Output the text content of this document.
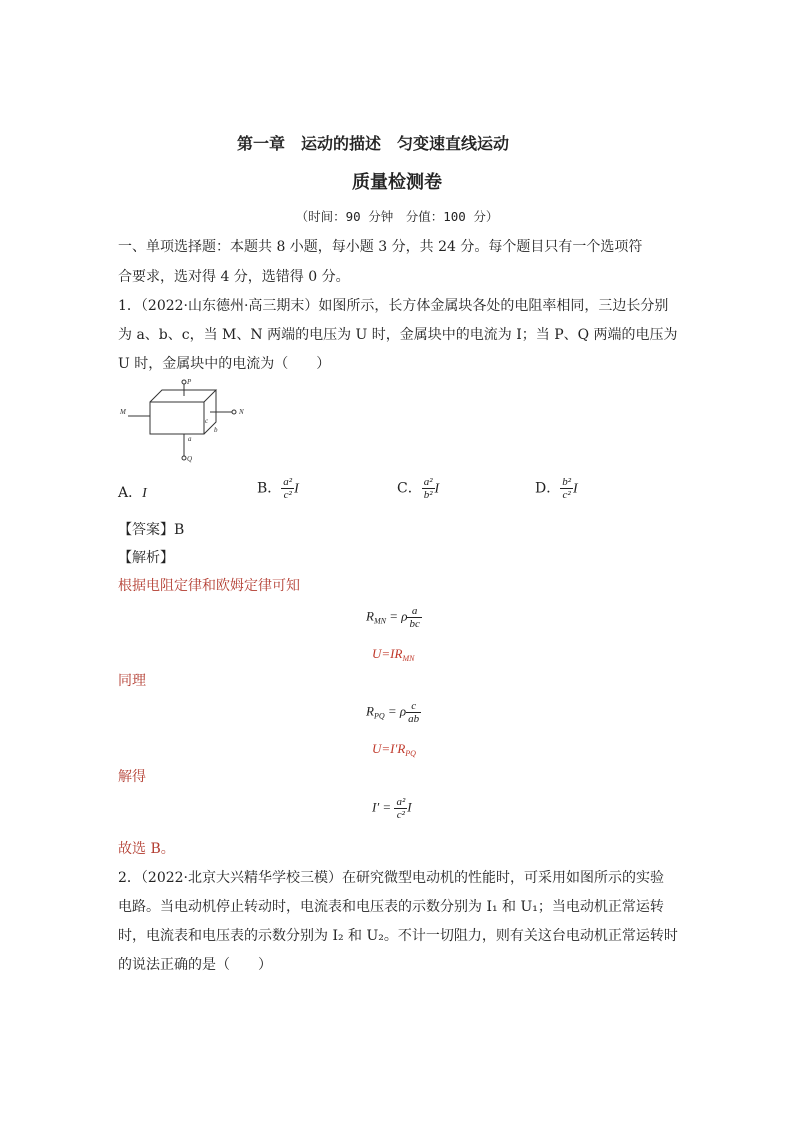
第一章　运动的描述　匀变速直线运动
质量检测卷
（时间：90 分钟　分值：100 分）
一、单项选择题：本题共 8 小题，每小题 3 分，共 24 分。每个题目只有一个选项符
合要求，选对得 4 分，选错得 0 分。
1．（2022·山东德州·高三期末）如图所示，长方体金属块各处的电阻率相同，三边长分别
为 a、b、c，当 M、N 两端的电压为 U 时，金属块中的电流为 I；当 P、Q 两端的电压为
U 时，金属块中的电流为（　　）
P
Q
M	N
a
b
c
A．I	B． $\frac{\text{a²}}{\text{c²}}$ I	C． $\frac{\text{a²}}{\text{b²}}$ I	D． $\frac{\text{b²}}{\text{c²}}$ I
【答案】B
【解析】
根据电阻定律和欧姆定律可知
$R_{MN} = \rho \frac{a}{bc}$
$U=IR_{MN}$
同理
$R_{PQ} = \rho \frac{c}{ab}$
$U=I'R_{PQ}$
解得
$I' = \frac{\text{a²}}{\text{c²}}$ I
故选 B。
2．（2022·北京大兴精华学校三模）在研究微型电动机的性能时，可采用如图所示的实验
电路。当电动机停止转动时，电流表和电压表的示数分别为 I₁ 和 U₁；当电动机正常运转
时，电流表和电压表的示数分别为 I₂ 和 U₂。不计一切阻力，则有关这台电动机正常运转时
的说法正确的是（　　）
